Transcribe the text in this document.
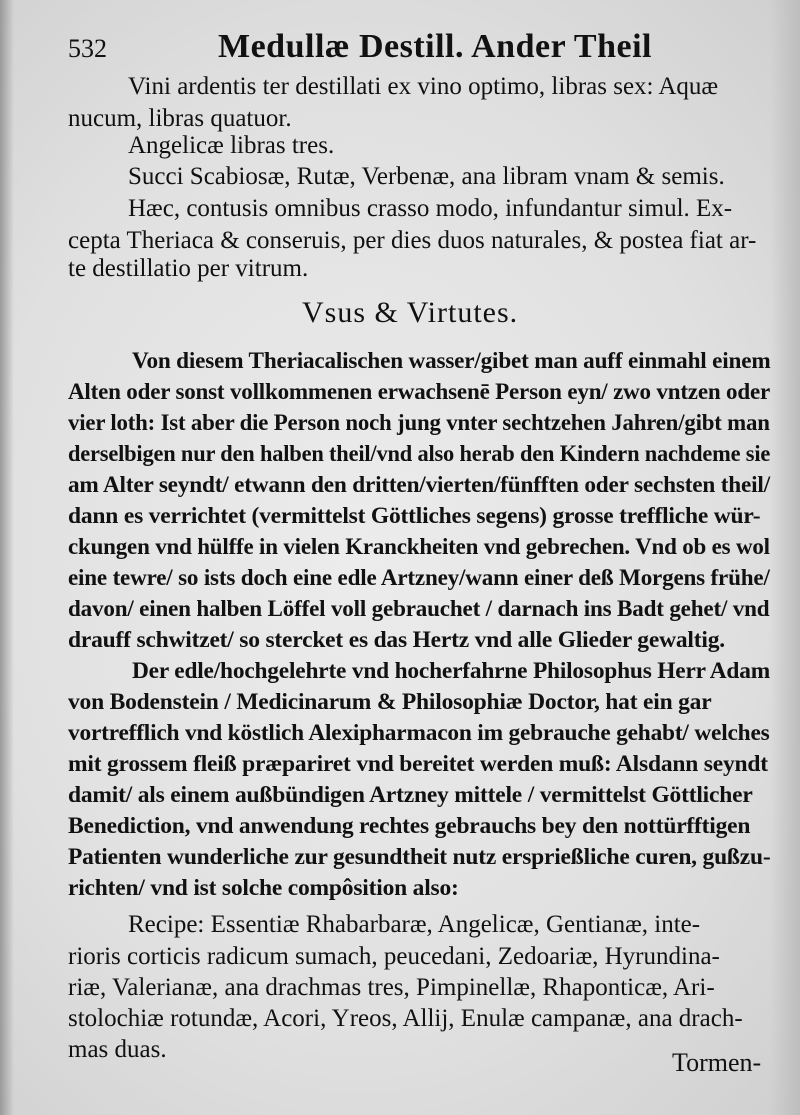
532	Medullæ Destill. Ander Theil
Vini ardentis ter destillati ex vino optimo, libras sex: Aquæ
nucum, libras quatuor.
Angelicæ libras tres.
Succi Scabiosæ, Rutæ, Verbenæ, ana libram vnam & semis.
Hæc, contusis omnibus crasso modo, infundantur simul. Ex-
cepta Theriaca & conseruis, per dies duos naturales, & postea fiat ar-
te destillatio per vitrum.
Vsus & Virtutes.
Von diesem Theriacalischen wasser/gibet man auff einmahl einem
Alten oder sonst vollkommenen erwachsenē Person eyn/ zwo vntzen oder
vier loth: Ist aber die Person noch jung vnter sechtzehen Jahren/gibt man
derselbigen nur den halben theil/vnd also herab den Kindern nachdeme sie
am Alter seyndt/ etwann den dritten/vierten/fünfften oder sechsten theil/
dann es verrichtet (vermittelst Göttliches segens) grosse treffliche wür-
ckungen vnd hülffe in vielen Kranckheiten vnd gebrechen. Vnd ob es wol
eine tewre/ so ists doch eine edle Artzney/wann einer deß Morgens frühe/
davon/ einen halben Löffel voll gebrauchet / darnach ins Badt gehet/ vnd
drauff schwitzet/ so stercket es das Hertz vnd alle Glieder gewaltig.
Der edle/hochgelehrte vnd hocherfahrne Philosophus Herr Adam
von Bodenstein / Medicinarum & Philosophiæ Doctor, hat ein gar
vortrefflich vnd köstlich Alexipharmacon im gebrauche gehabt/ welches
mit grossem fleiß præpariret vnd bereitet werden muß: Alsdann seyndt
damit/ als einem außbündigen Artzney mittele / vermittelst Göttlicher
Benediction, vnd anwendung rechtes gebrauchs bey den nottürfftigen
Patienten wunderliche zur gesundtheit nutz ersprießliche curen, gußzu-
richten/ vnd ist solche compôsition also:
Recipe: Essentiæ Rhabarbaræ, Angelicæ, Gentianæ, inte-
rioris corticis radicum sumach, peucedani, Zedoariæ, Hyrundina-
riæ, Valerianæ, ana drachmas tres, Pimpinellæ, Rhaponticæ, Ari-
stolochiæ rotundæ, Acori, Yreos, Allij, Enulæ campanæ, ana drach-
mas duas.	Tormen-
